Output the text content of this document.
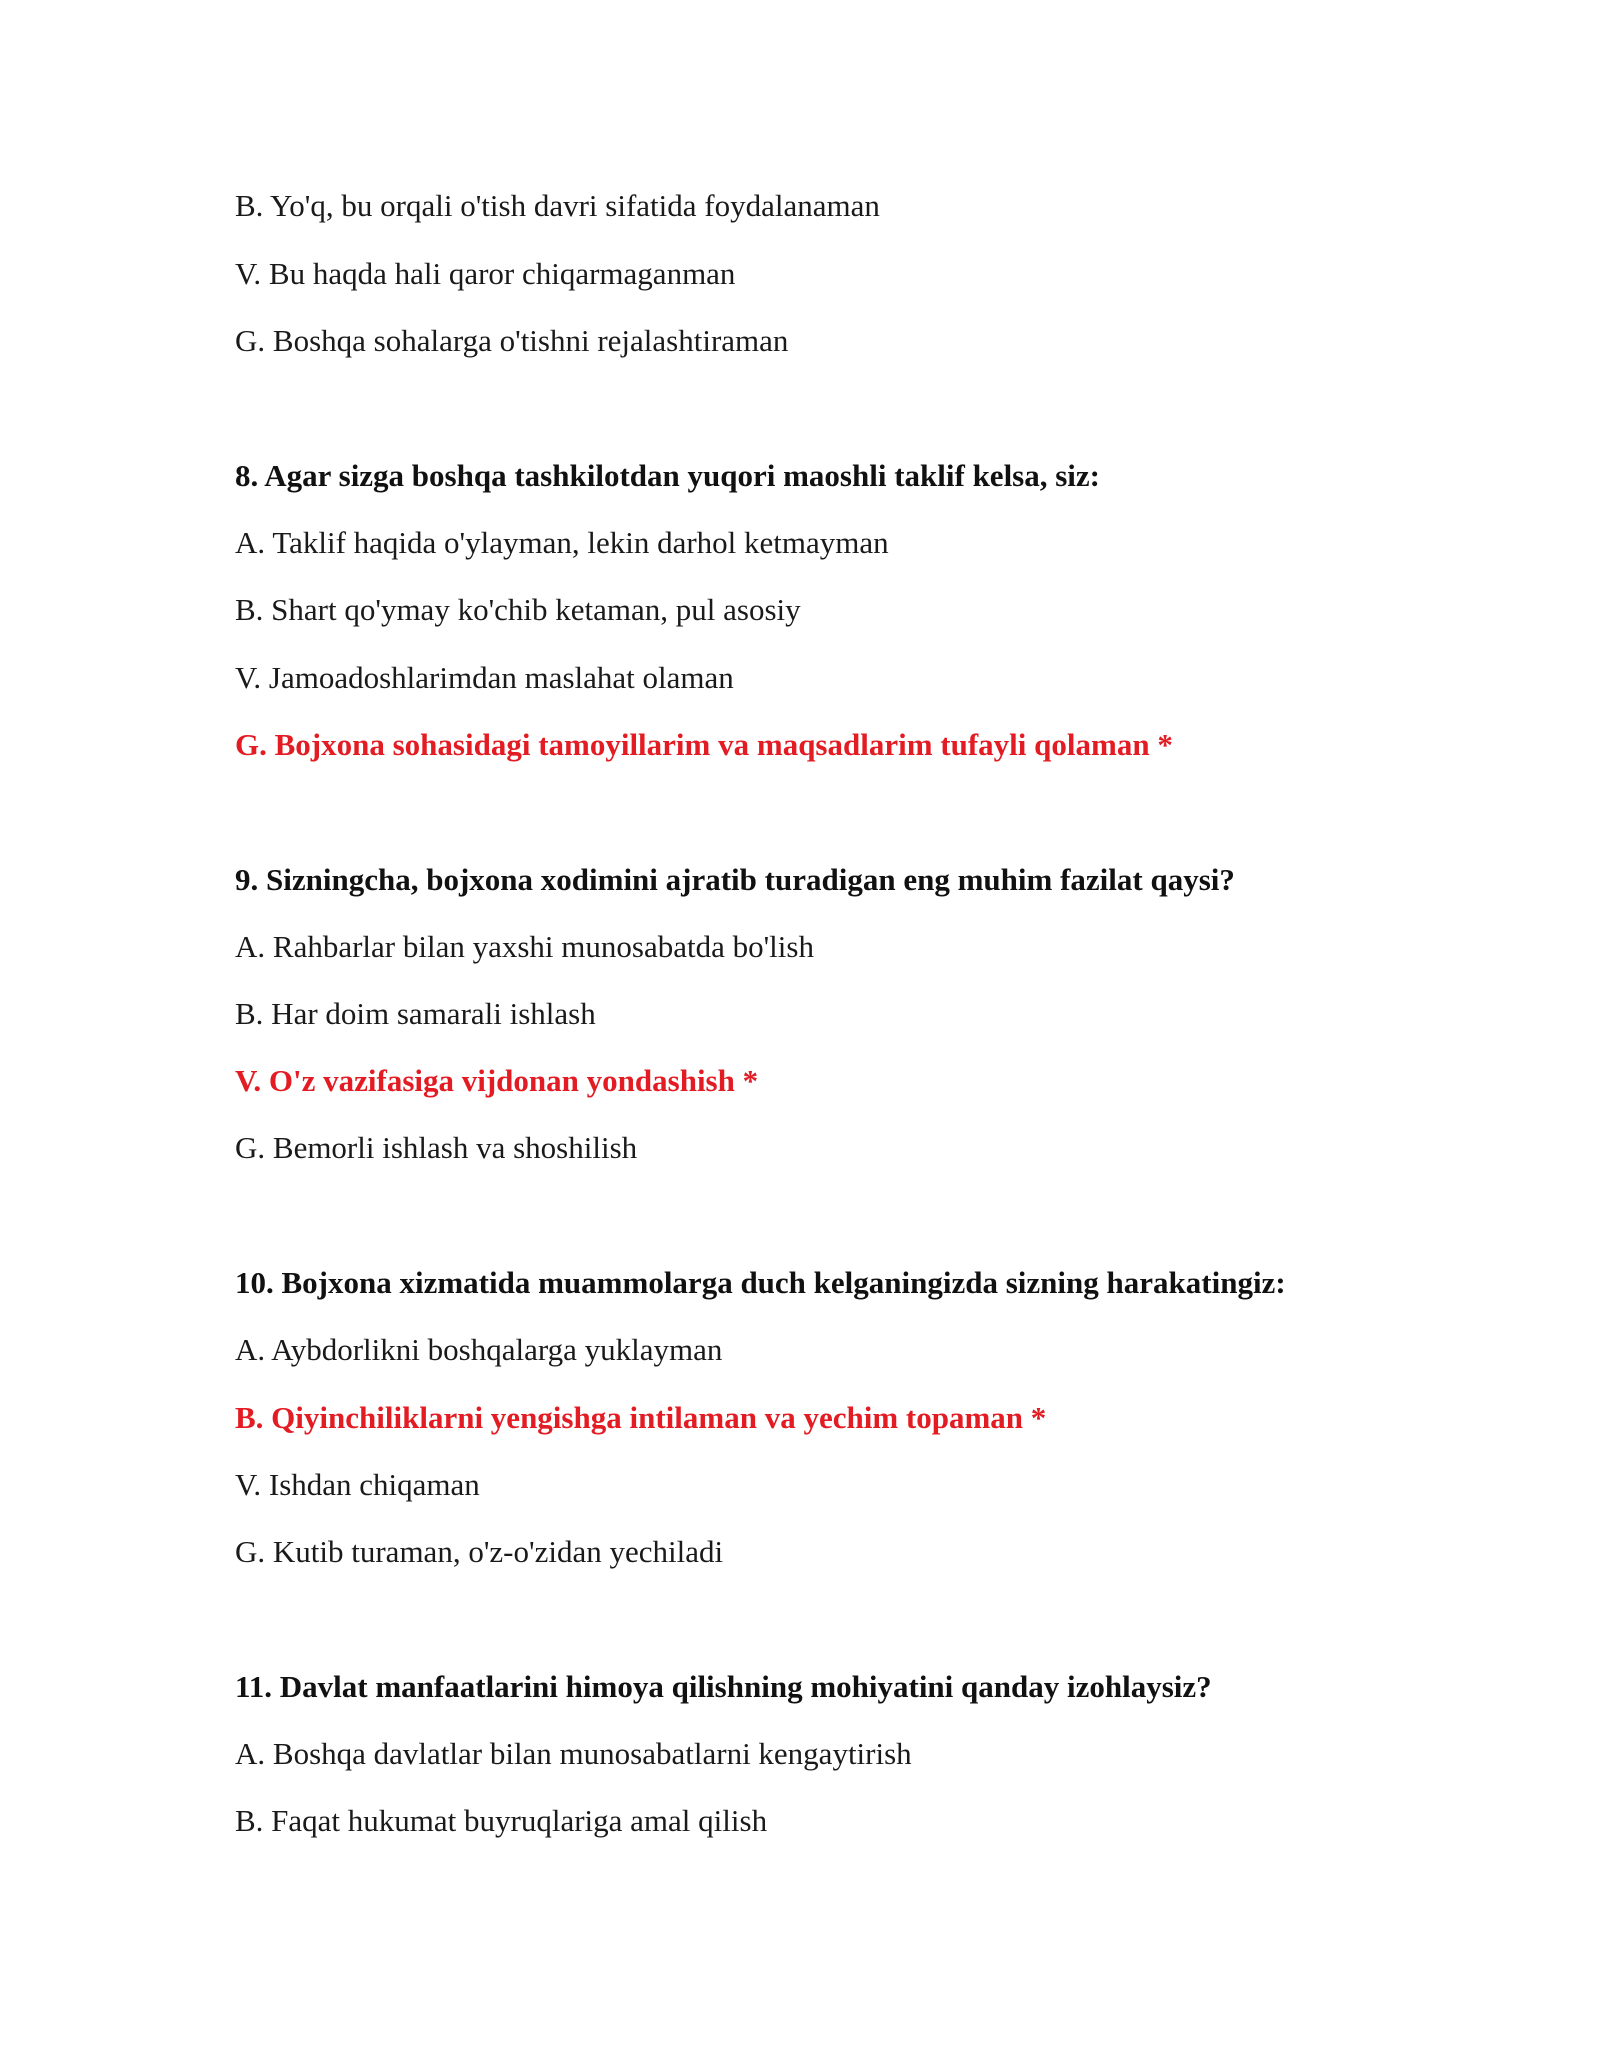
B. Yo'q, bu orqali o'tish davri sifatida foydalanaman

V. Bu haqda hali qaror chiqarmaganman

G. Boshqa sohalarga o'tishni rejalashtiraman

8. Agar sizga boshqa tashkilotdan yuqori maoshli taklif kelsa, siz:

A. Taklif haqida o'ylayman, lekin darhol ketmayman

B. Shart qo'ymay ko'chib ketaman, pul asosiy

V. Jamoadoshlarimdan maslahat olaman

G. Bojxona sohasidagi tamoyillarim va maqsadlarim tufayli qolaman *

9. Sizningcha, bojxona xodimini ajratib turadigan eng muhim fazilat qaysi?

A. Rahbarlar bilan yaxshi munosabatda bo'lish

B. Har doim samarali ishlash

V. O'z vazifasiga vijdonan yondashish *

G. Bemorli ishlash va shoshilish

10. Bojxona xizmatida muammolarga duch kelganingizda sizning harakatingiz:

A. Aybdorlikni boshqalarga yuklayman

B. Qiyinchiliklarni yengishga intilaman va yechim topaman *

V. Ishdan chiqaman

G. Kutib turaman, o'z-o'zidan yechiladi

11. Davlat manfaatlarini himoya qilishning mohiyatini qanday izohlaysiz?

A. Boshqa davlatlar bilan munosabatlarni kengaytirish

B. Faqat hukumat buyruqlariga amal qilish
